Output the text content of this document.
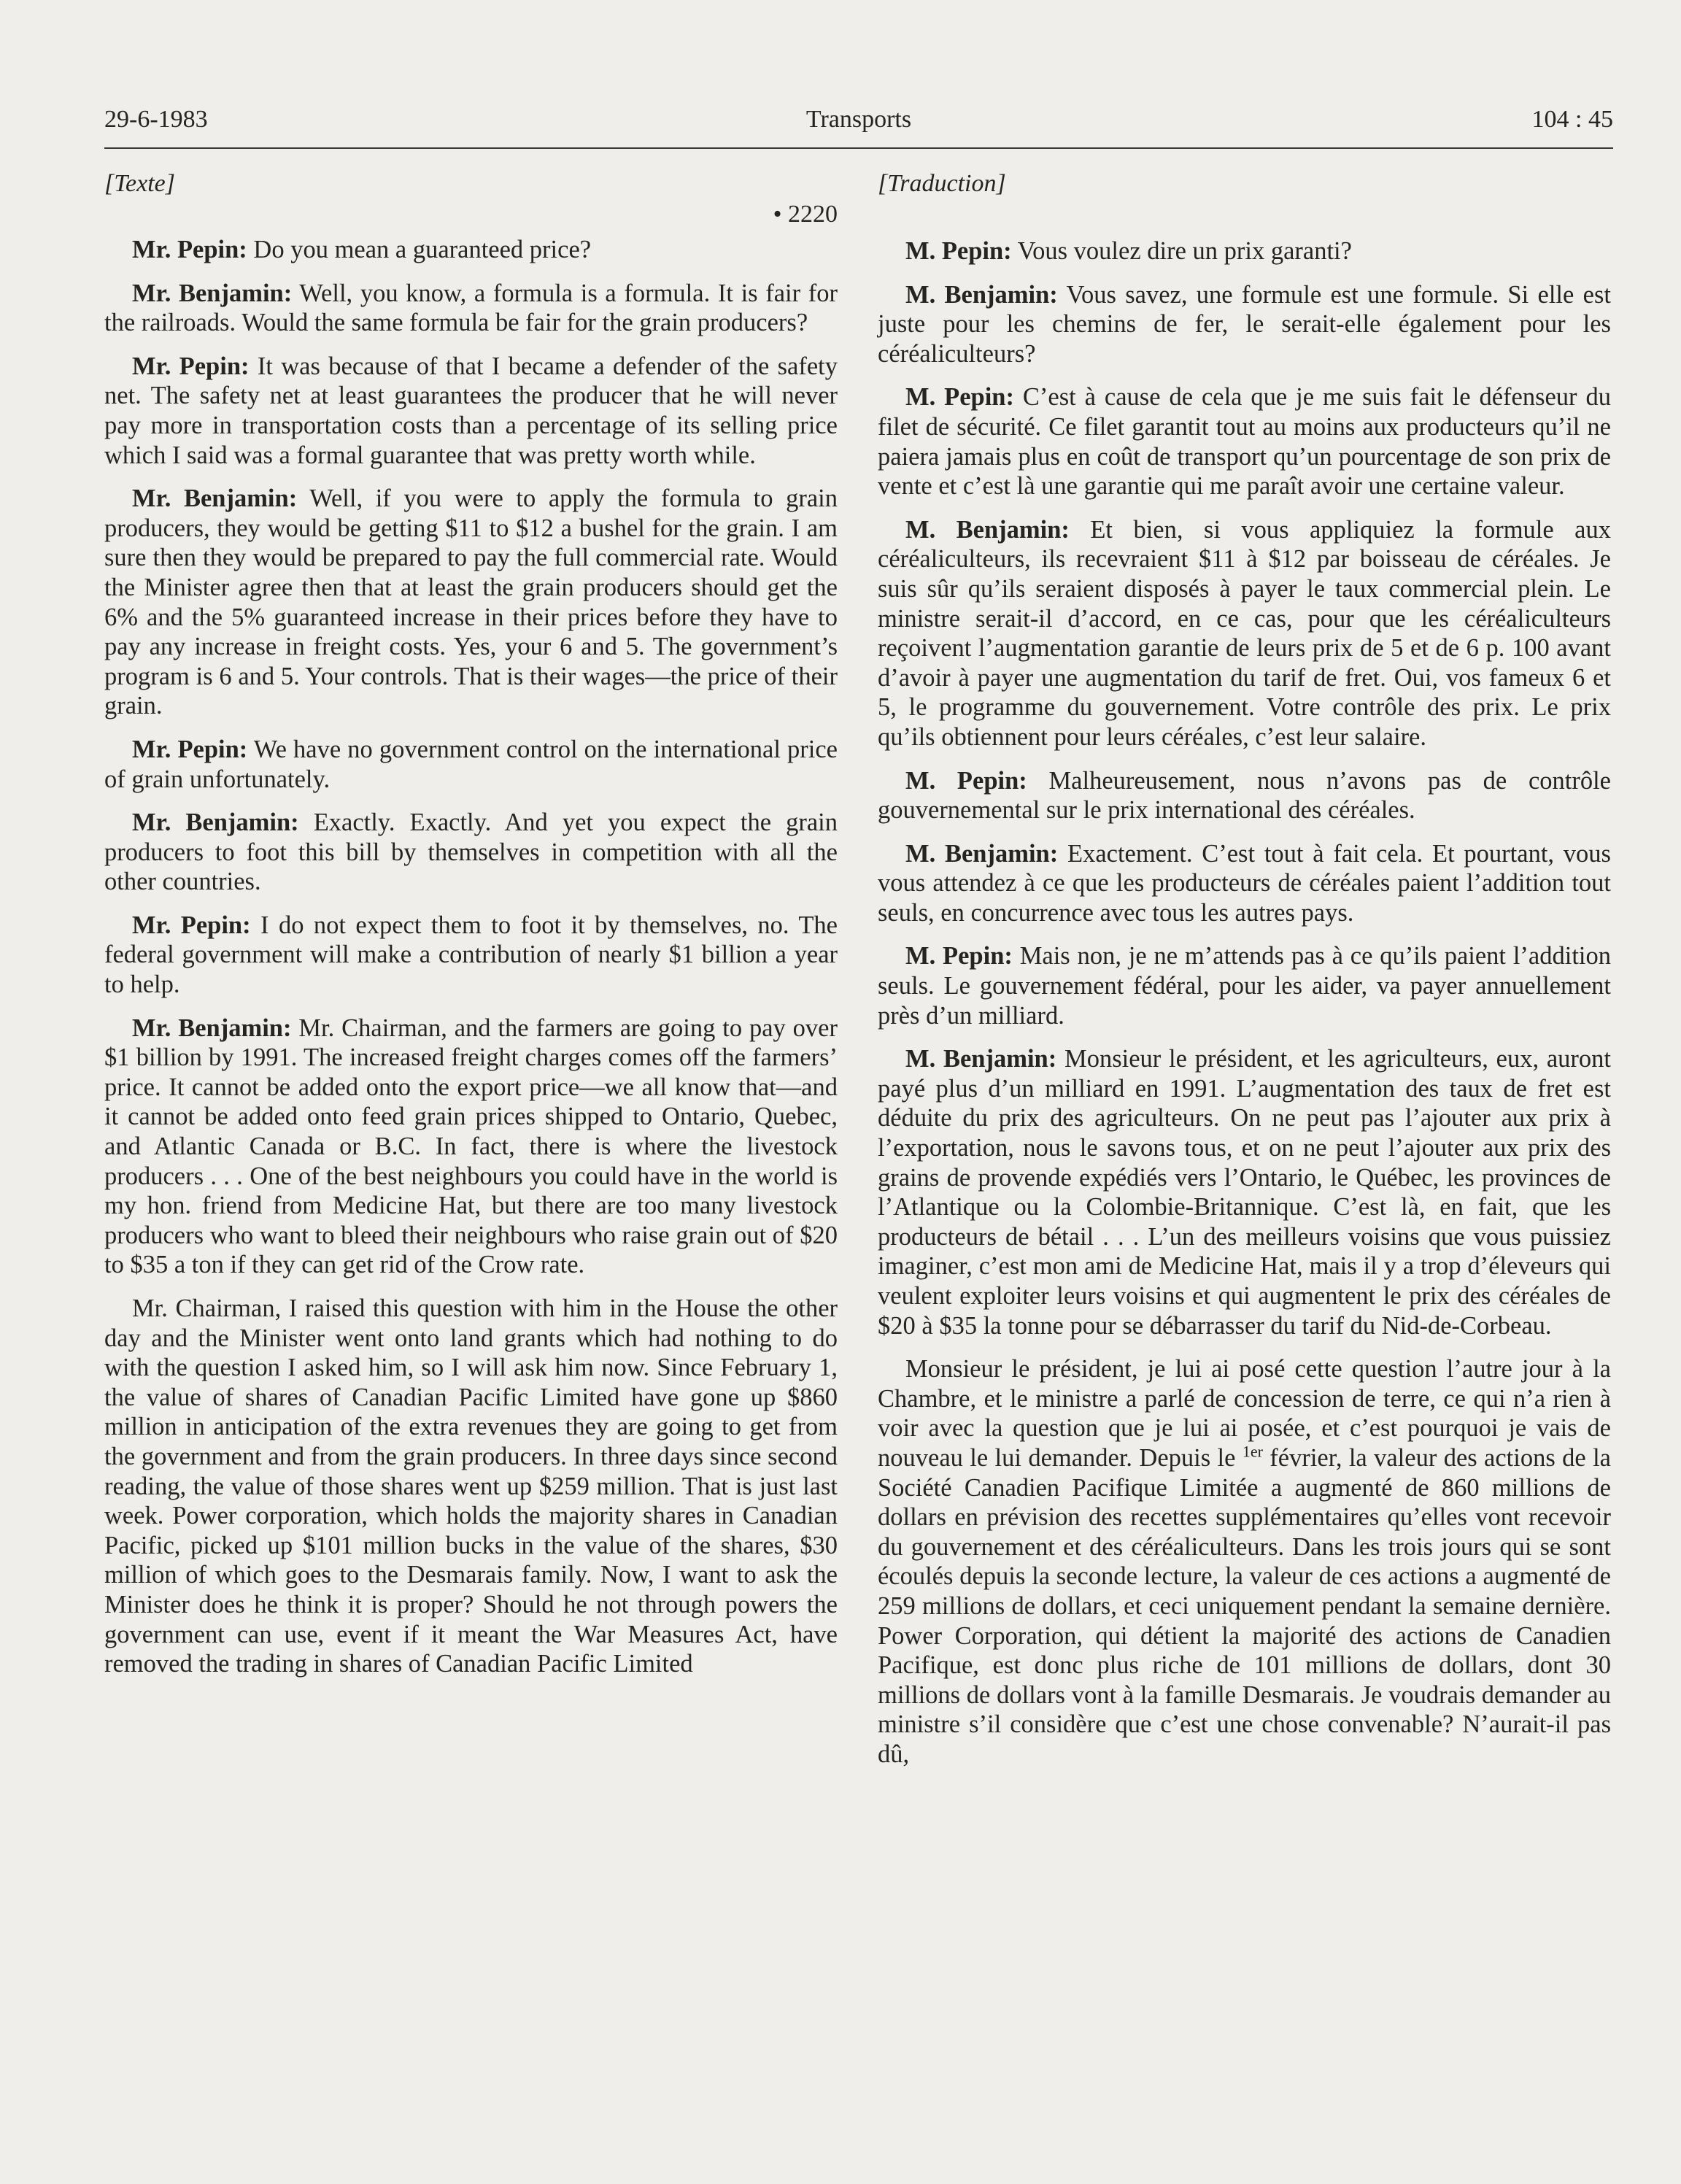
29-6-1983	Transports	104 : 45
[Texte]
• 2220

Mr. Pepin: Do you mean a guaranteed price?

Mr. Benjamin: Well, you know, a formula is a formula. It is fair for the railroads. Would the same formula be fair for the grain producers?

Mr. Pepin: It was because of that I became a defender of the safety net. The safety net at least guarantees the producer that he will never pay more in transportation costs than a percentage of its selling price which I said was a formal guarantee that was pretty worth while.

Mr. Benjamin: Well, if you were to apply the formula to grain producers, they would be getting $11 to $12 a bushel for the grain. I am sure then they would be prepared to pay the full commercial rate. Would the Minister agree then that at least the grain producers should get the 6% and the 5% guaranteed increase in their prices before they have to pay any increase in freight costs. Yes, your 6 and 5. The government’s program is 6 and 5. Your controls. That is their wages—the price of their grain.

Mr. Pepin: We have no government control on the international price of grain unfortunately.

Mr. Benjamin: Exactly. Exactly. And yet you expect the grain producers to foot this bill by themselves in competition with all the other countries.

Mr. Pepin: I do not expect them to foot it by themselves, no. The federal government will make a contribution of nearly $1 billion a year to help.

Mr. Benjamin: Mr. Chairman, and the farmers are going to pay over $1 billion by 1991. The increased freight charges comes off the farmers’ price. It cannot be added onto the export price—we all know that—and it cannot be added onto feed grain prices shipped to Ontario, Quebec, and Atlantic Canada or B.C. In fact, there is where the livestock producers . . . One of the best neighbours you could have in the world is my hon. friend from Medicine Hat, but there are too many livestock producers who want to bleed their neighbours who raise grain out of $20 to $35 a ton if they can get rid of the Crow rate.

Mr. Chairman, I raised this question with him in the House the other day and the Minister went onto land grants which had nothing to do with the question I asked him, so I will ask him now. Since February 1, the value of shares of Canadian Pacific Limited have gone up $860 million in anticipation of the extra revenues they are going to get from the government and from the grain producers. In three days since second reading, the value of those shares went up $259 million. That is just last week. Power corporation, which holds the majority shares in Canadian Pacific, picked up $101 million bucks in the value of the shares, $30 million of which goes to the Desmarais family. Now, I want to ask the Minister does he think it is proper? Should he not through powers the government can use, event if it meant the War Measures Act, have removed the trading in shares of Canadian Pacific Limited

[Traduction]

M. Pepin: Vous voulez dire un prix garanti?

M. Benjamin: Vous savez, une formule est une formule. Si elle est juste pour les chemins de fer, le serait-elle également pour les céréaliculteurs?

M. Pepin: C’est à cause de cela que je me suis fait le défenseur du filet de sécurité. Ce filet garantit tout au moins aux producteurs qu’il ne paiera jamais plus en coût de transport qu’un pourcentage de son prix de vente et c’est là une garantie qui me paraît avoir une certaine valeur.

M. Benjamin: Et bien, si vous appliquiez la formule aux céréaliculteurs, ils recevraient $11 à $12 par boisseau de céréales. Je suis sûr qu’ils seraient disposés à payer le taux commercial plein. Le ministre serait-il d’accord, en ce cas, pour que les céréaliculteurs reçoivent l’augmentation garantie de leurs prix de 5 et de 6 p. 100 avant d’avoir à payer une augmentation du tarif de fret. Oui, vos fameux 6 et 5, le programme du gouvernement. Votre contrôle des prix. Le prix qu’ils obtiennent pour leurs céréales, c’est leur salaire.

M. Pepin: Malheureusement, nous n’avons pas de contrôle gouvernemental sur le prix international des céréales.

M. Benjamin: Exactement. C’est tout à fait cela. Et pourtant, vous vous attendez à ce que les producteurs de céréales paient l’addition tout seuls, en concurrence avec tous les autres pays.

M. Pepin: Mais non, je ne m’attends pas à ce qu’ils paient l’addition seuls. Le gouvernement fédéral, pour les aider, va payer annuellement près d’un milliard.

M. Benjamin: Monsieur le président, et les agriculteurs, eux, auront payé plus d’un milliard en 1991. L’augmentation des taux de fret est déduite du prix des agriculteurs. On ne peut pas l’ajouter aux prix à l’exportation, nous le savons tous, et on ne peut l’ajouter aux prix des grains de provende expédiés vers l’Ontario, le Québec, les provinces de l’Atlantique ou la Colombie-Britannique. C’est là, en fait, que les producteurs de bétail . . . L’un des meilleurs voisins que vous puissiez imaginer, c’est mon ami de Medicine Hat, mais il y a trop d’éleveurs qui veulent exploiter leurs voisins et qui augmentent le prix des céréales de $20 à $35 la tonne pour se débarrasser du tarif du Nid-de-Corbeau.

Monsieur le président, je lui ai posé cette question l’autre jour à la Chambre, et le ministre a parlé de concession de terre, ce qui n’a rien à voir avec la question que je lui ai posée, et c’est pourquoi je vais de nouveau le lui demander. Depuis le $^{1er}$ février, la valeur des actions de la Société Canadien Pacifique Limitée a augmenté de 860 millions de dollars en prévision des recettes supplémentaires qu’elles vont recevoir du gouvernement et des céréaliculteurs. Dans les trois jours qui se sont écoulés depuis la seconde lecture, la valeur de ces actions a augmenté de 259 millions de dollars, et ceci uniquement pendant la semaine dernière. Power Corporation, qui détient la majorité des actions de Canadien Pacifique, est donc plus riche de 101 millions de dollars, dont 30 millions de dollars vont à la famille Desmarais. Je voudrais demander au ministre s’il considère que c’est une chose convenable? N’aurait-il pas dû,
